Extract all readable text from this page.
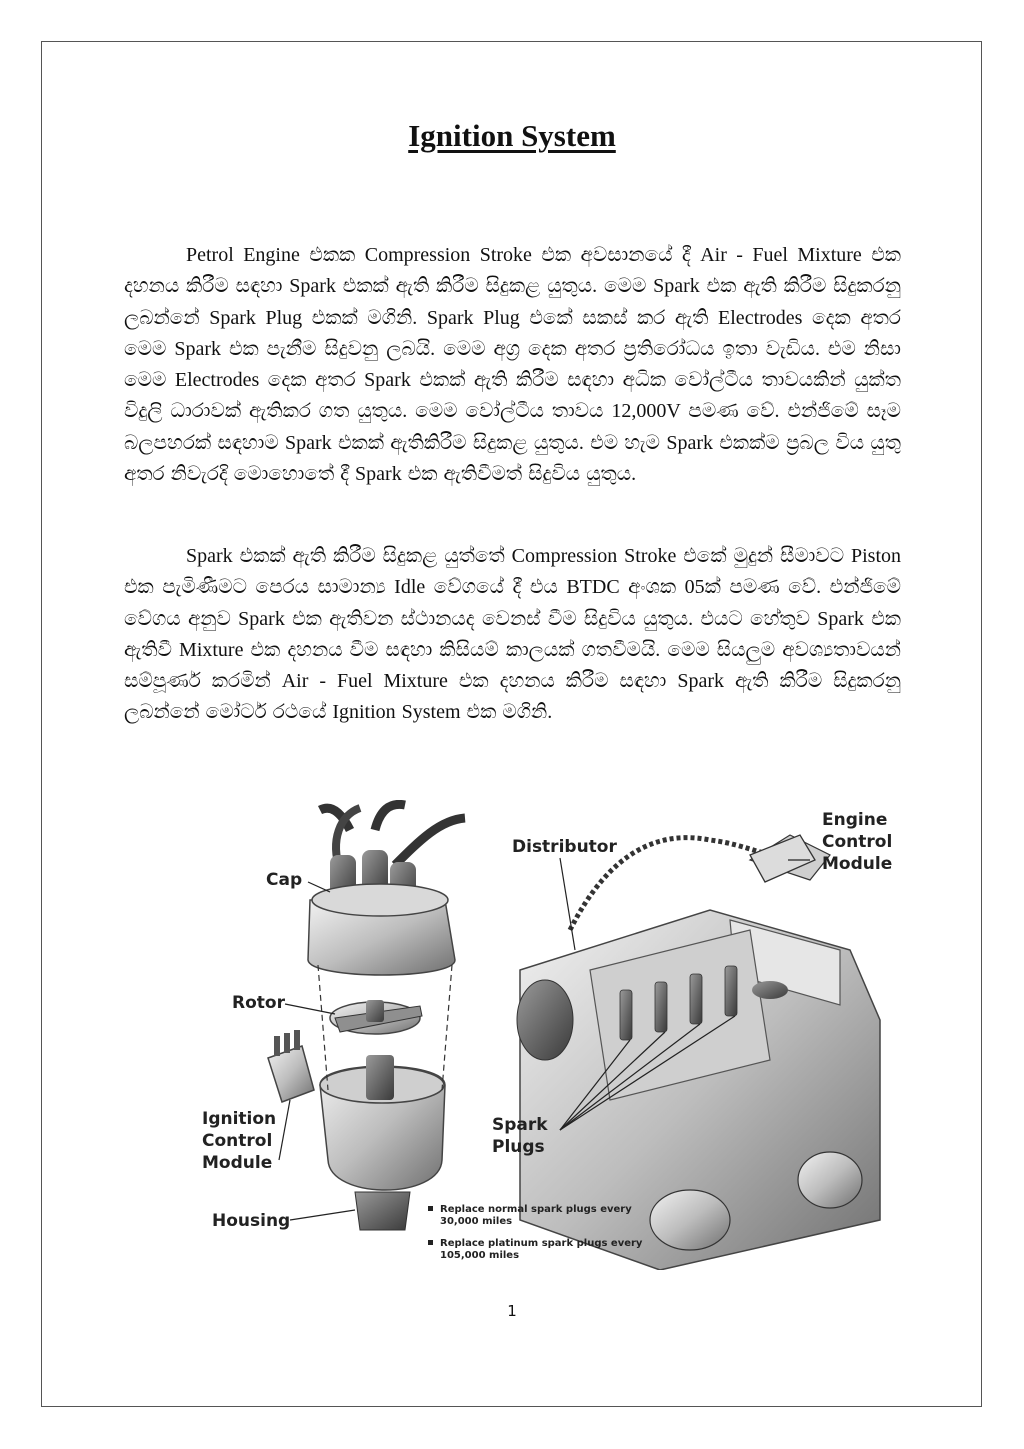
Ignition System

Petrol Engine එකක Compression Stroke එක අවසානයේ දී Air - Fuel Mixture එක දහනය කිරීම සඳහා Spark එකක් ඇති කිරීම සිදුකළ යුතුය. මෙම Spark එක ඇති කිරීම සිදුකරනු ලබන්නේ Spark Plug එකක් මගිනි. Spark Plug එකේ සකස් කර ඇති Electrodes දෙක අතර මෙම Spark එක පැනීම සිදුවනු ලබයි. මෙම අග්‍ර දෙක අතර ප්‍රතිරෝධය ඉතා වැඩිය. එම නිසා මෙම Electrodes දෙක අතර Spark එකක් ඇති කිරීම සඳහා අධික වෝල්ටීය තාවයකින් යුක්ත විදුලි ධාරාවක් ඇතිකර ගත යුතුය. මෙම වෝල්ටීය තාවය 12,000V පමණ වේ. එන්ජිමේ සෑම බලපහරක් සඳහාම Spark එකක් ඇතිකිරීම සිදුකළ යුතුය. එම හැම Spark එකක්ම ප්‍රබල විය යුතු අතර නිවැරදි මොහොතේ දී Spark එක ඇතිවීමත් සිදුවිය යුතුය.

Spark එකක් ඇති කිරීම සිදුකළ යුත්තේ Compression Stroke එකේ මුදුන් සීමාවට Piston එක පැමිණීමට පෙරය සාමාන්‍ය Idle වේගයේ දී එය BTDC අංශක 05ක් පමණ වේ. එන්ජිමේ වේගය අනුව Spark එක ඇතිවන ස්ථානයද වෙනස් වීම සිදුවිය යුතුය. එයට හේතුව Spark එක ඇතිවී Mixture එක දහනය වීම සඳහා කිසියම් කාලයක් ගතවීමයි. මෙම සියලුම අවශ්‍යතාවයන් සම්පූර්ණ කරමින් Air - Fuel Mixture එක දහනය කිරීම සඳහා Spark ඇති කිරීම සිදුකරනු ලබන්නේ මෝටර් රථයේ Ignition System එක මගිනි.

Cap
Rotor
Ignition
Control
Module
Housing
Distributor
Engine
Control
Module
Spark
Plugs
Replace normal spark plugs every
30,000 miles
Replace platinum spark plugs every
105,000 miles
1
